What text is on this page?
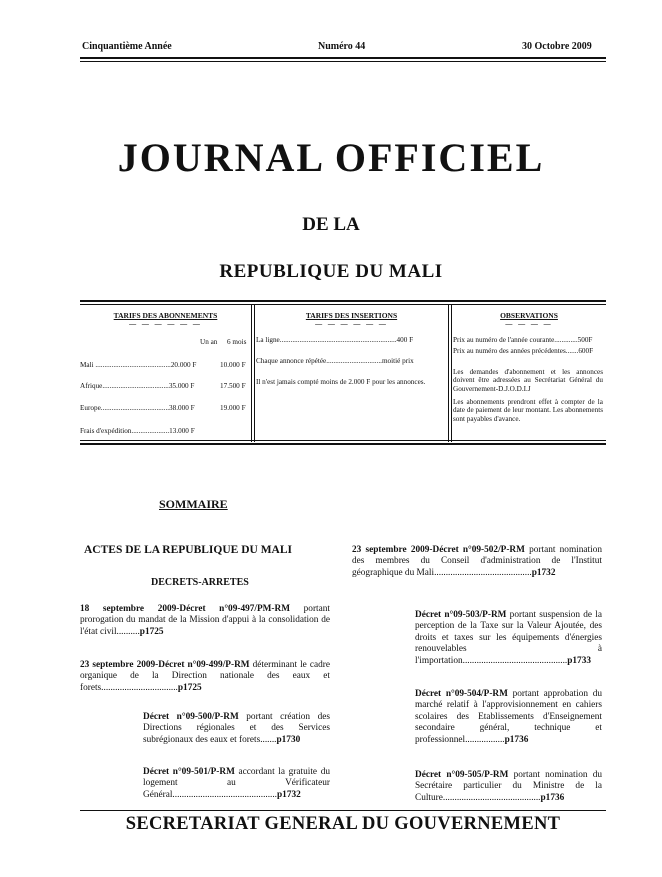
Cinquantième Année	Numéro 44	30 Octobre 2009
JOURNAL OFFICIEL
DE LA
REPUBLIQUE DU MALI
TARIFS DES ABONNEMENTS
— — — — — —
Un an 6 mois
Mali ..........................................20.000 F	10.000 F
Afrique.....................................35.000 F	17.500 F
Europe......................................38.000 F	19.000 F
Frais d'expédition.....................13.000 F
TARIFS DES INSERTIONS
— — — — — —
La ligne.................................................................400 F
Chaque annonce répétée...............................moitié prix
Il n'est jamais compté moins de 2.000 F pour les annonces.
OBSERVATIONS
— — — —
Prix au numéro de l'année courante.............500F
Prix au numéro des années précédentes.......600F
Les demandes d'abonnement et les annonces doivent être adressées au Secrétariat Général du Gouvernement-D.J.O.D.I.J
Les abonnements prendront effet à compter de la date de paiement de leur montant. Les abonnements sont payables d'avance.
SOMMAIRE
ACTES DE LA REPUBLIQUE DU MALI
DECRETS-ARRETES
18 septembre 2009-Décret n°09-497/PM-RM portant prorogation du mandat de la Mission d'appui à la consolidation de l'état civil..........p1725
23 septembre 2009-Décret n°09-499/P-RM déterminant le cadre organique de la Direction nationale des eaux et forets.................................p1725
Décret n°09-500/P-RM portant création des Directions régionales et des Services subrégionaux des eaux et forets.......p1730
Décret n°09-501/P-RM accordant la gratuite du logement au Vérificateur Général.............................................p1732
23 septembre 2009-Décret n°09-502/P-RM portant nomination des membres du Conseil d'administration de l'Institut géographique du Mali..........................................p1732
Décret n°09-503/P-RM portant suspension de la perception de la Taxe sur la Valeur Ajoutée, des droits et taxes sur les équipements d'énergies renouvelables à l'importation.............................................p1733
Décret n°09-504/P-RM portant approbation du marché relatif à l'approvisionnement en cahiers scolaires des Etablissements d'Enseignement secondaire général, technique et professionnel.................p1736
Décret n°09-505/P-RM portant nomination du Secrétaire particulier du Ministre de la Culture..........................................p1736
SECRETARIAT GENERAL DU GOUVERNEMENT
